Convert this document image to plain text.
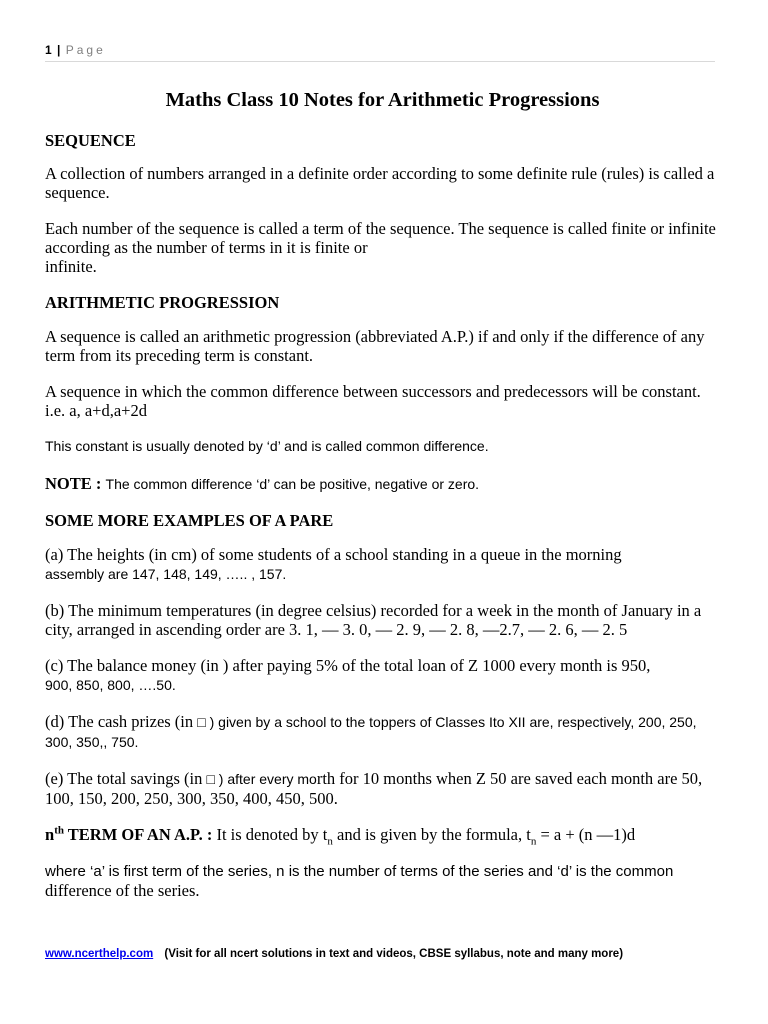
1 | Page
Maths Class 10 Notes for Arithmetic Progressions
SEQUENCE

A collection of numbers arranged in a definite order according to some definite rule (rules) is called a sequence.

Each number of the sequence is called a term of the sequence. The sequence is called finite or infinite according as the number of terms in it is finite or
infinite.

ARITHMETIC PROGRESSION

A sequence is called an arithmetic progression (abbreviated A.P.) if and only if the difference of any term from its preceding term is constant.

A sequence in which the common difference between successors and predecessors will be constant. i.e. a, a+d,a+2d

This constant is usually denoted by ‘d’ and is called common difference.

NOTE : The common difference ‘d’ can be positive, negative or zero.

SOME MORE EXAMPLES OF A PARE

(a) The heights (in cm) of some students of a school standing in a queue in the morning
assembly are 147, 148, 149, ….. , 157.

(b) The minimum temperatures (in degree celsius) recorded for a week in the month of January in a city, arranged in ascending order are 3. 1, — 3. 0, — 2. 9, — 2. 8, —2.7, — 2. 6, — 2. 5

(c) The balance money (in ) after paying 5% of the total loan of Z 1000 every month is 950,
900, 850, 800, ….50.

(d) The cash prizes (in □ ) given by a school to the toppers of Classes Ito XII are, respectively, 200, 250, 300, 350,, 750.

(e) The total savings (in □ ) after every morth for 10 months when Z 50 are saved each month are 50, 100, 150, 200, 250, 300, 350, 400, 450, 500.

$n^{th}$ TERM OF AN A.P. : It is denoted by $t_n$ and is given by the formula, $t_n = a + (n$ —1)d

where ‘a’ is first term of the series, n is the number of terms of the series and ‘d’ is the common
difference of the series.

www.ncerthelp.com (Visit for all ncert solutions in text and videos, CBSE syllabus, note and many more)
